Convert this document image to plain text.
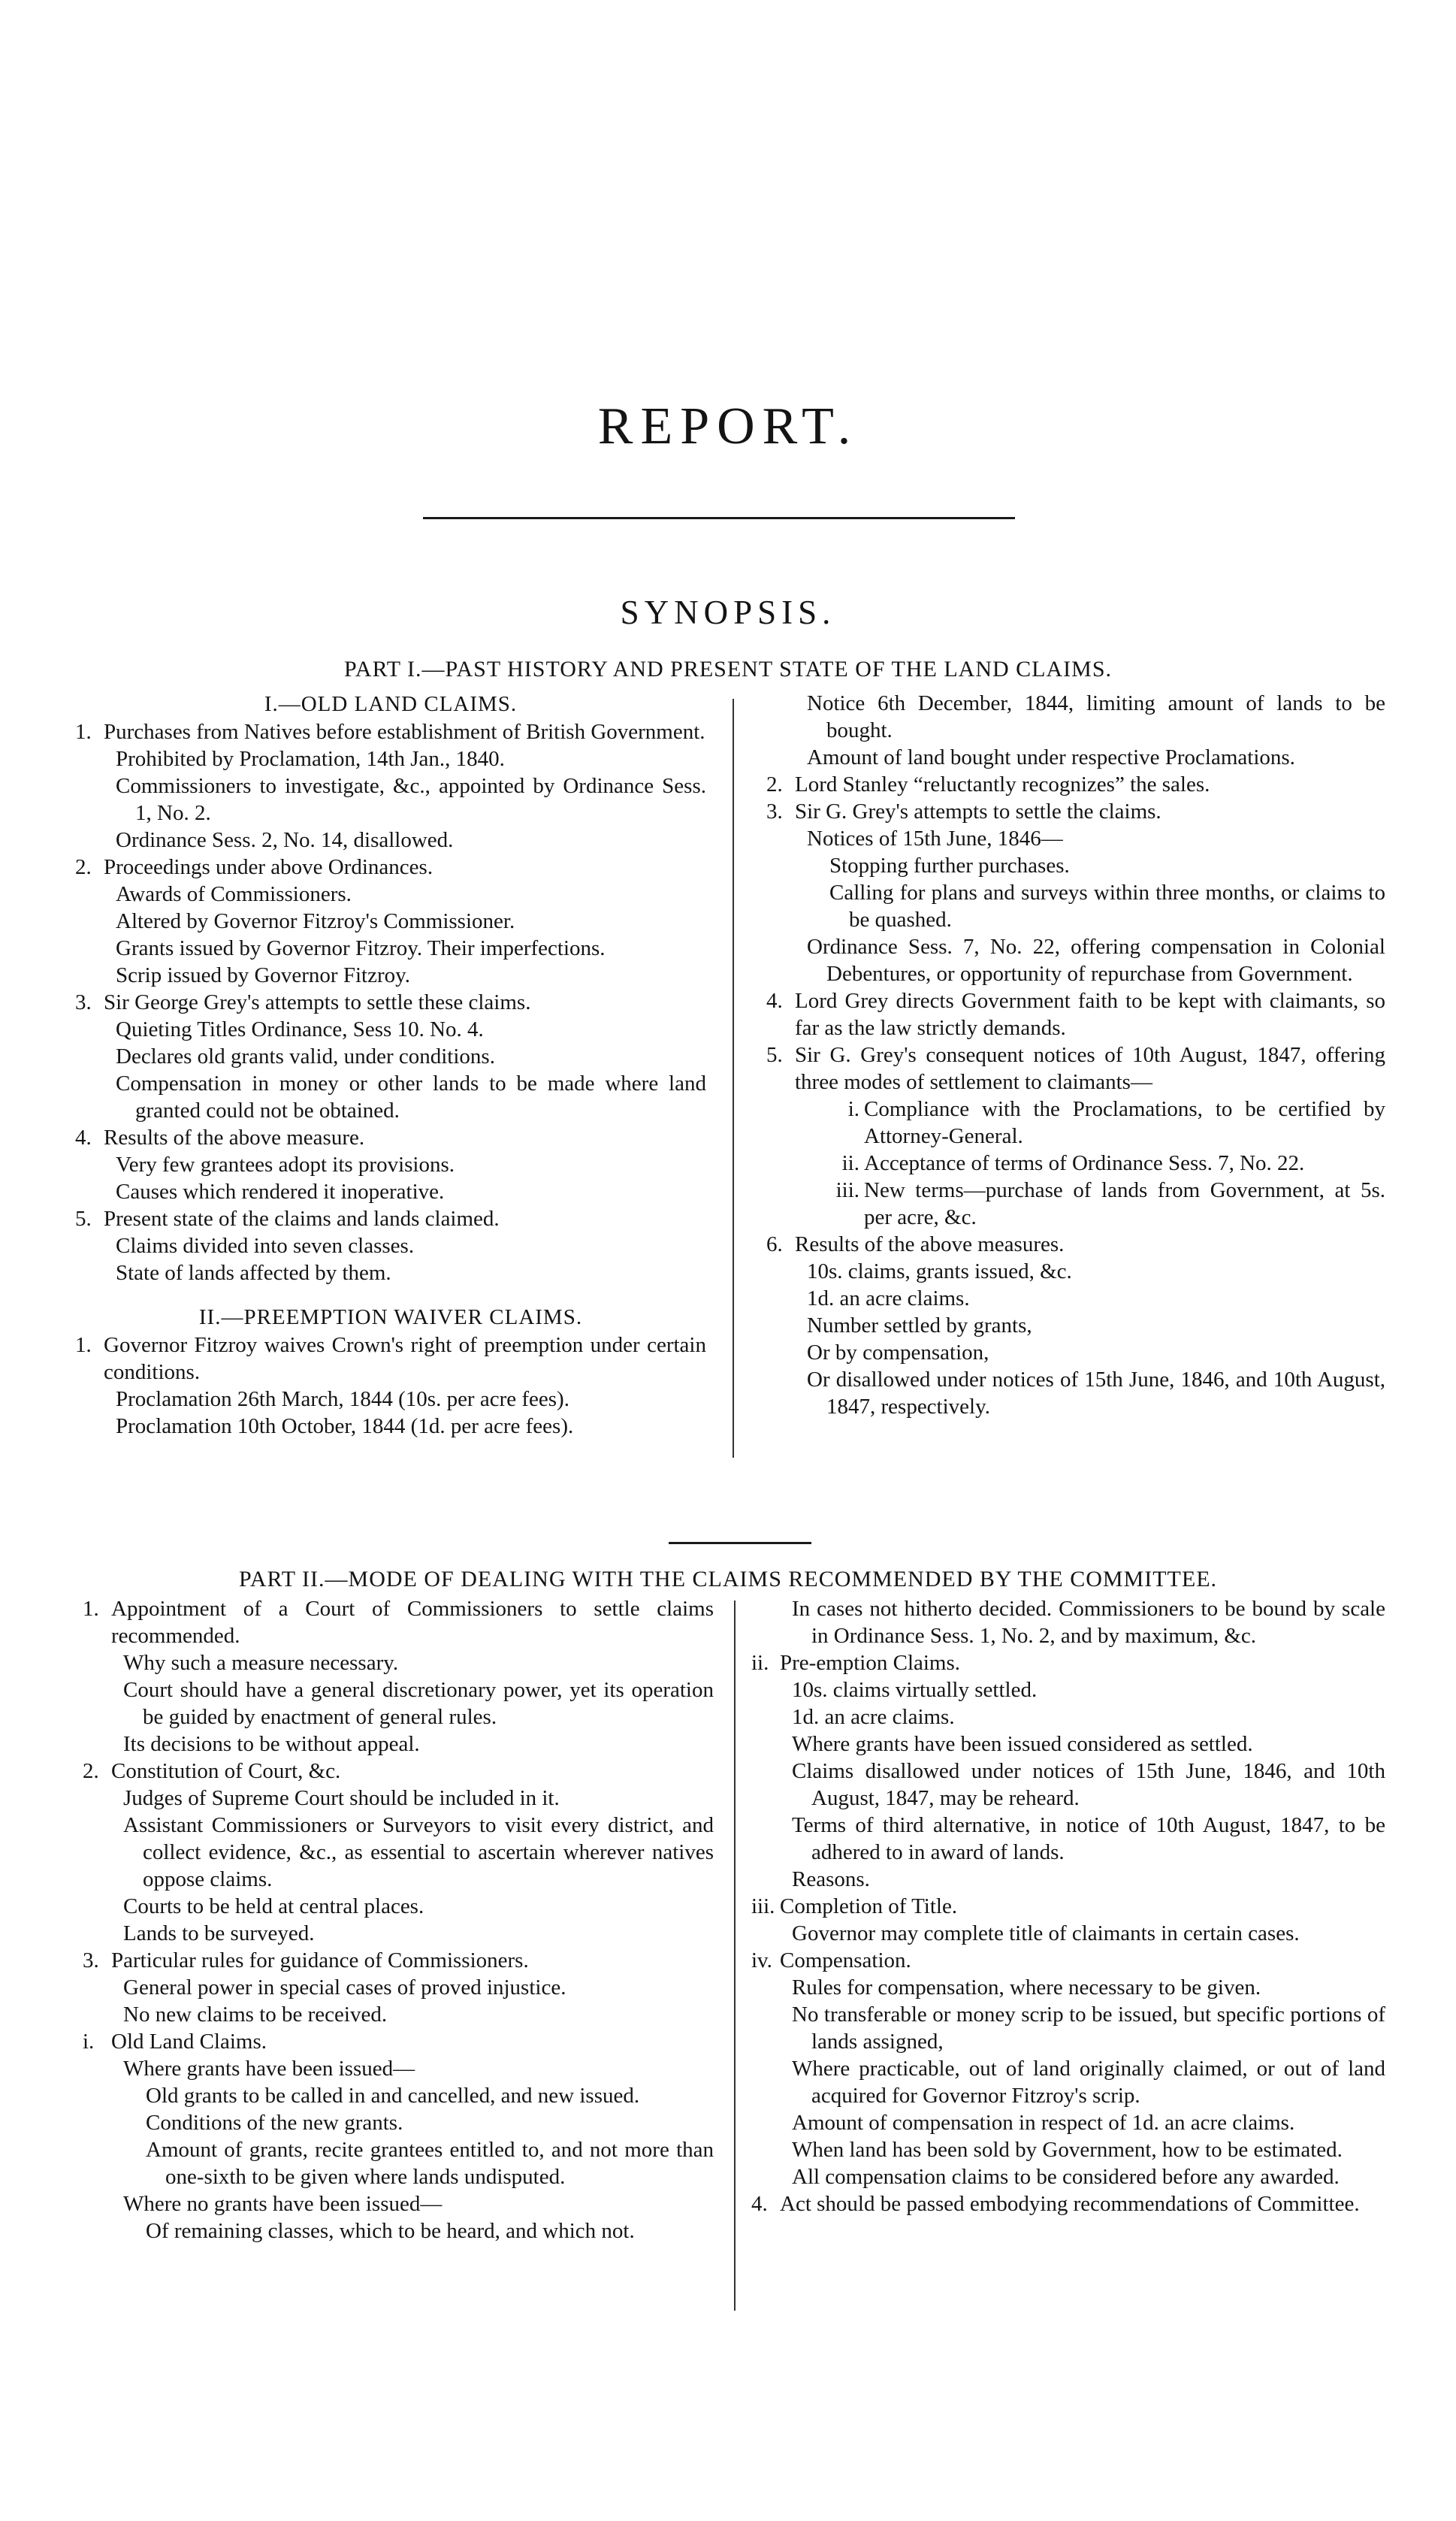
REPORT.
SYNOPSIS.
PART I.—PAST HISTORY AND PRESENT STATE OF THE LAND CLAIMS.
I.—OLD LAND CLAIMS.
1. Purchases from Natives before establishment of British Government.
Prohibited by Proclamation, 14th Jan., 1840.
Commissioners to investigate, &c., appointed by Ordinance Sess. 1, No. 2.
Ordinance Sess. 2, No. 14, disallowed.
2. Proceedings under above Ordinances.
Awards of Commissioners.
Altered by Governor Fitzroy's Commissioner.
Grants issued by Governor Fitzroy. Their imperfections.
Scrip issued by Governor Fitzroy.
3. Sir George Grey's attempts to settle these claims.
Quieting Titles Ordinance, Sess 10. No. 4.
Declares old grants valid, under conditions.
Compensation in money or other lands to be made where land granted could not be obtained.
4. Results of the above measure.
Very few grantees adopt its provisions.
Causes which rendered it inoperative.
5. Present state of the claims and lands claimed.
Claims divided into seven classes.
State of lands affected by them.
II.—PREEMPTION WAIVER CLAIMS.
1. Governor Fitzroy waives Crown's right of preemption under certain conditions.
Proclamation 26th March, 1844 (10s. per acre fees).
Proclamation 10th October, 1844 (1d. per acre fees).
Notice 6th December, 1844, limiting amount of lands to be bought.
Amount of land bought under respective Proclamations.
2. Lord Stanley “reluctantly recognizes” the sales.
3. Sir G. Grey's attempts to settle the claims.
Notices of 15th June, 1846—
Stopping further purchases.
Calling for plans and surveys within three months, or claims to be quashed.
Ordinance Sess. 7, No. 22, offering compensation in Colonial Debentures, or opportunity of repurchase from Government.
4. Lord Grey directs Government faith to be kept with claimants, so far as the law strictly demands.
5. Sir G. Grey's consequent notices of 10th August, 1847, offering three modes of settlement to claimants—
i. Compliance with the Proclamations, to be certified by Attorney-General.
ii. Acceptance of terms of Ordinance Sess. 7, No. 22.
iii. New terms—purchase of lands from Government, at 5s. per acre, &c.
6. Results of the above measures.
10s. claims, grants issued, &c.
1d. an acre claims.
Number settled by grants,
Or by compensation,
Or disallowed under notices of 15th June, 1846, and 10th August, 1847, respectively.
PART II.—MODE OF DEALING WITH THE CLAIMS RECOMMENDED BY THE COMMITTEE.
1. Appointment of a Court of Commissioners to settle claims recommended.
Why such a measure necessary.
Court should have a general discretionary power, yet its operation be guided by enactment of general rules.
Its decisions to be without appeal.
2. Constitution of Court, &c.
Judges of Supreme Court should be included in it.
Assistant Commissioners or Surveyors to visit every district, and collect evidence, &c., as essential to ascertain wherever natives oppose claims.
Courts to be held at central places.
Lands to be surveyed.
3. Particular rules for guidance of Commissioners.
General power in special cases of proved injustice.
No new claims to be received.
i. Old Land Claims.
Where grants have been issued—
Old grants to be called in and cancelled, and new issued.
Conditions of the new grants.
Amount of grants, recite grantees entitled to, and not more than one-sixth to be given where lands undisputed.
Where no grants have been issued—
Of remaining classes, which to be heard, and which not.
In cases not hitherto decided. Commissioners to be bound by scale in Ordinance Sess. 1, No. 2, and by maximum, &c.
ii. Pre-emption Claims.
10s. claims virtually settled.
1d. an acre claims.
Where grants have been issued considered as settled.
Claims disallowed under notices of 15th June, 1846, and 10th August, 1847, may be reheard.
Terms of third alternative, in notice of 10th August, 1847, to be adhered to in award of lands.
Reasons.
iii. Completion of Title.
Governor may complete title of claimants in certain cases.
iv. Compensation.
Rules for compensation, where necessary to be given.
No transferable or money scrip to be issued, but specific portions of lands assigned,
Where practicable, out of land originally claimed, or out of land acquired for Governor Fitzroy's scrip.
Amount of compensation in respect of 1d. an acre claims.
When land has been sold by Government, how to be estimated.
All compensation claims to be considered before any awarded.
4. Act should be passed embodying recommendations of Committee.
